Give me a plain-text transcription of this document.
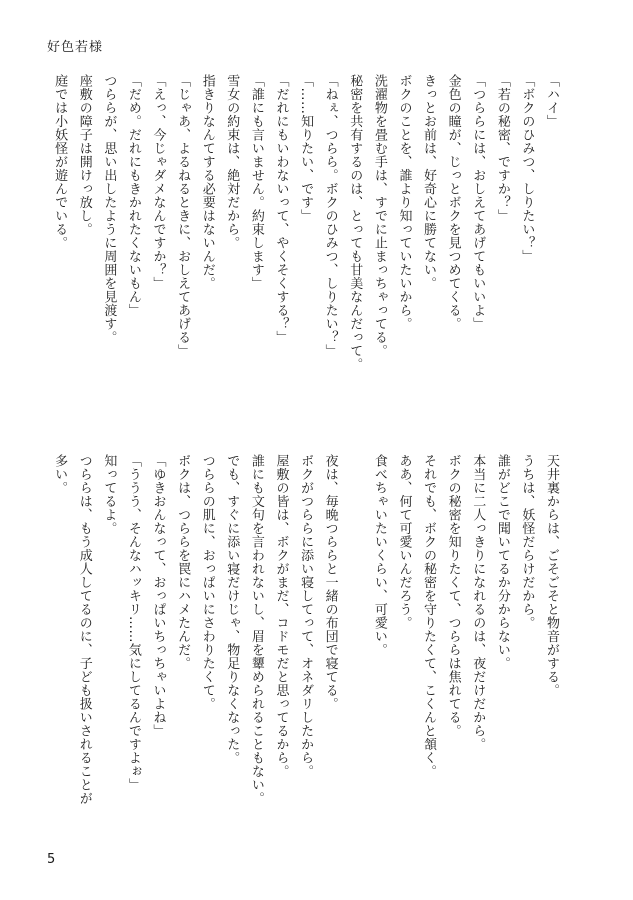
好色若様
「ハイ」
「ボクのひみつ、しりたい？」
「若の秘密、ですか？」
「つららには、おしえてあげてもいいよ」
金色の瞳が、じっとボクを見つめてくる。
きっとお前は、好奇心に勝てない。
ボクのことを、誰より知っていたいから。
洗濯物を畳む手は、すでに止まっちゃってる。
秘密を共有するのは、とっても甘美なんだって。
「ねぇ、つらら。ボクのひみつ、しりたい？」
「……知りたい、です」
「だれにもいわないって、やくそくする？」
「誰にも言いません。約束します」
雪女の約束は、絶対だから。
指きりなんてする必要はないんだ。
「じゃあ、よるねるときに、おしえてあげる」
「えっ、今じゃダメなんですか？」
「だめ。だれにもきかれたくないもん」
つららが、思い出したように周囲を見渡す。
座敷の障子は開けっ放し。
庭では小妖怪が遊んでいる。
天井裏からは、ごそごそと物音がする。
うちは、妖怪だらけだから。
誰がどこで聞いてるか分からない。
本当に二人っきりになれるのは、夜だけだから。
ボクの秘密を知りたくて、つららは焦れてる。
それでも、ボクの秘密を守りたくて、こくんと頷く。
ああ、何て可愛いんだろう。
食べちゃいたいくらい、可愛い。

夜は、毎晩つららと一緒の布団で寝てる。
ボクがつららに添い寝してって、オネダリしたから。
屋敷の皆は、ボクがまだ、コドモだと思ってるから。
誰にも文句を言われないし、眉を顰められることもない。
でも、すぐに添い寝だけじゃ、物足りなくなった。
つららの肌に、おっぱいにさわりたくて。
ボクは、つららを罠にハメたんだ。
「ゆきおんなって、おっぱいちっちゃいよね」
「ううう、そんなハッキリ……気にしてるんですよぉ」
知ってるよ。
つららは、もう成人してるのに、子ども扱いされることが
多い。
5
